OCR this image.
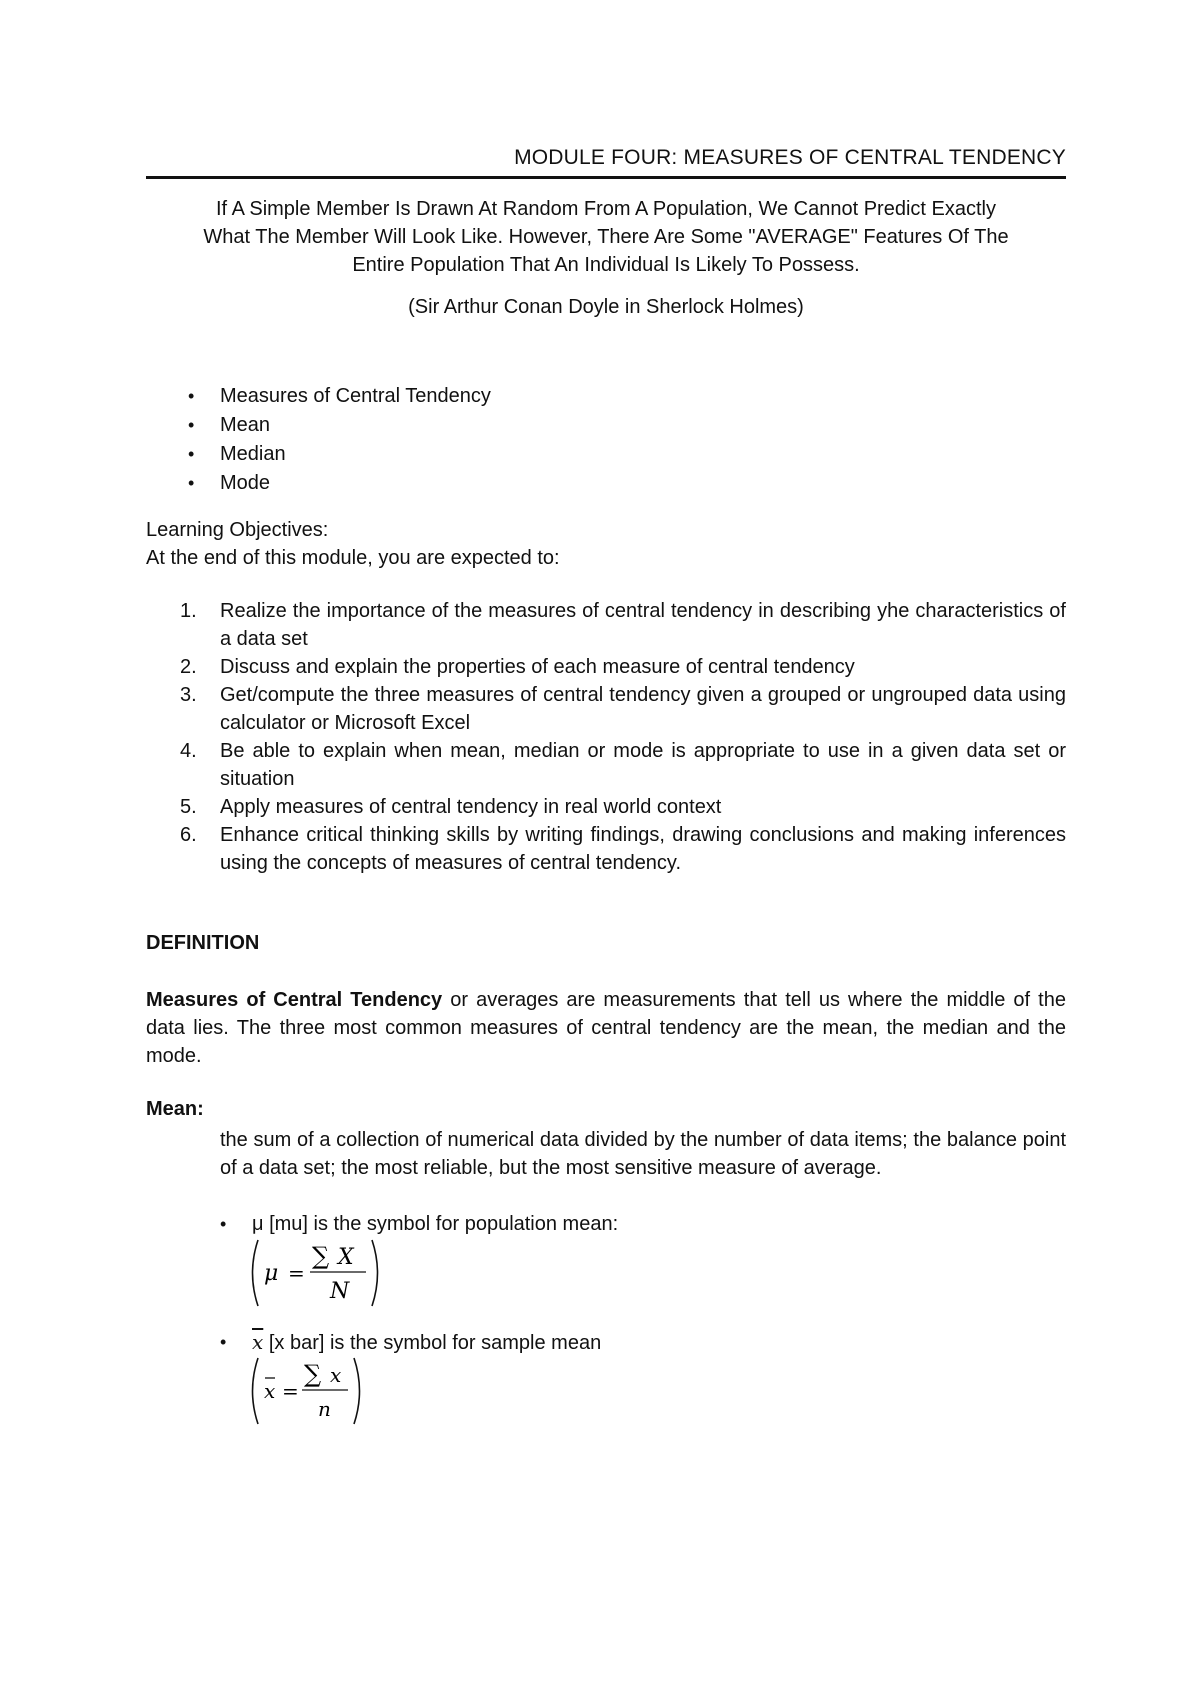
MODULE FOUR: MEASURES OF CENTRAL TENDENCY
If A Simple Member Is Drawn At Random From A Population, We Cannot Predict Exactly
What The Member Will Look Like. However, There Are Some "AVERAGE" Features Of The
Entire Population That An Individual Is Likely To Possess.
(Sir Arthur Conan Doyle in Sherlock Holmes)
• Measures of Central Tendency
• Mean
• Median
• Mode
Learning Objectives:
At the end of this module, you are expected to:
1. Realize the importance of the measures of central tendency in describing yhe characteristics of a data set
2. Discuss and explain the properties of each measure of central tendency
3. Get/compute the three measures of central tendency given a grouped or ungrouped data using calculator or Microsoft Excel
4. Be able to explain when mean, median or mode is appropriate to use in a given data set or situation
5. Apply measures of central tendency in real world context
6. Enhance critical thinking skills by writing findings, drawing conclusions and making inferences using the concepts of measures of central tendency.
DEFINITION
Measures of Central Tendency or averages are measurements that tell us where the middle of the data lies. The three most common measures of central tendency are the mean, the median and the mode.
Mean:
the sum of a collection of numerical data divided by the number of data items; the balance point of a data set; the most reliable, but the most sensitive measure of average.
• μ [mu] is the symbol for population mean:
μ =
∑ X
N
• $\overline{x}$ [x bar] is the symbol for sample mean
x =
∑ x
n
